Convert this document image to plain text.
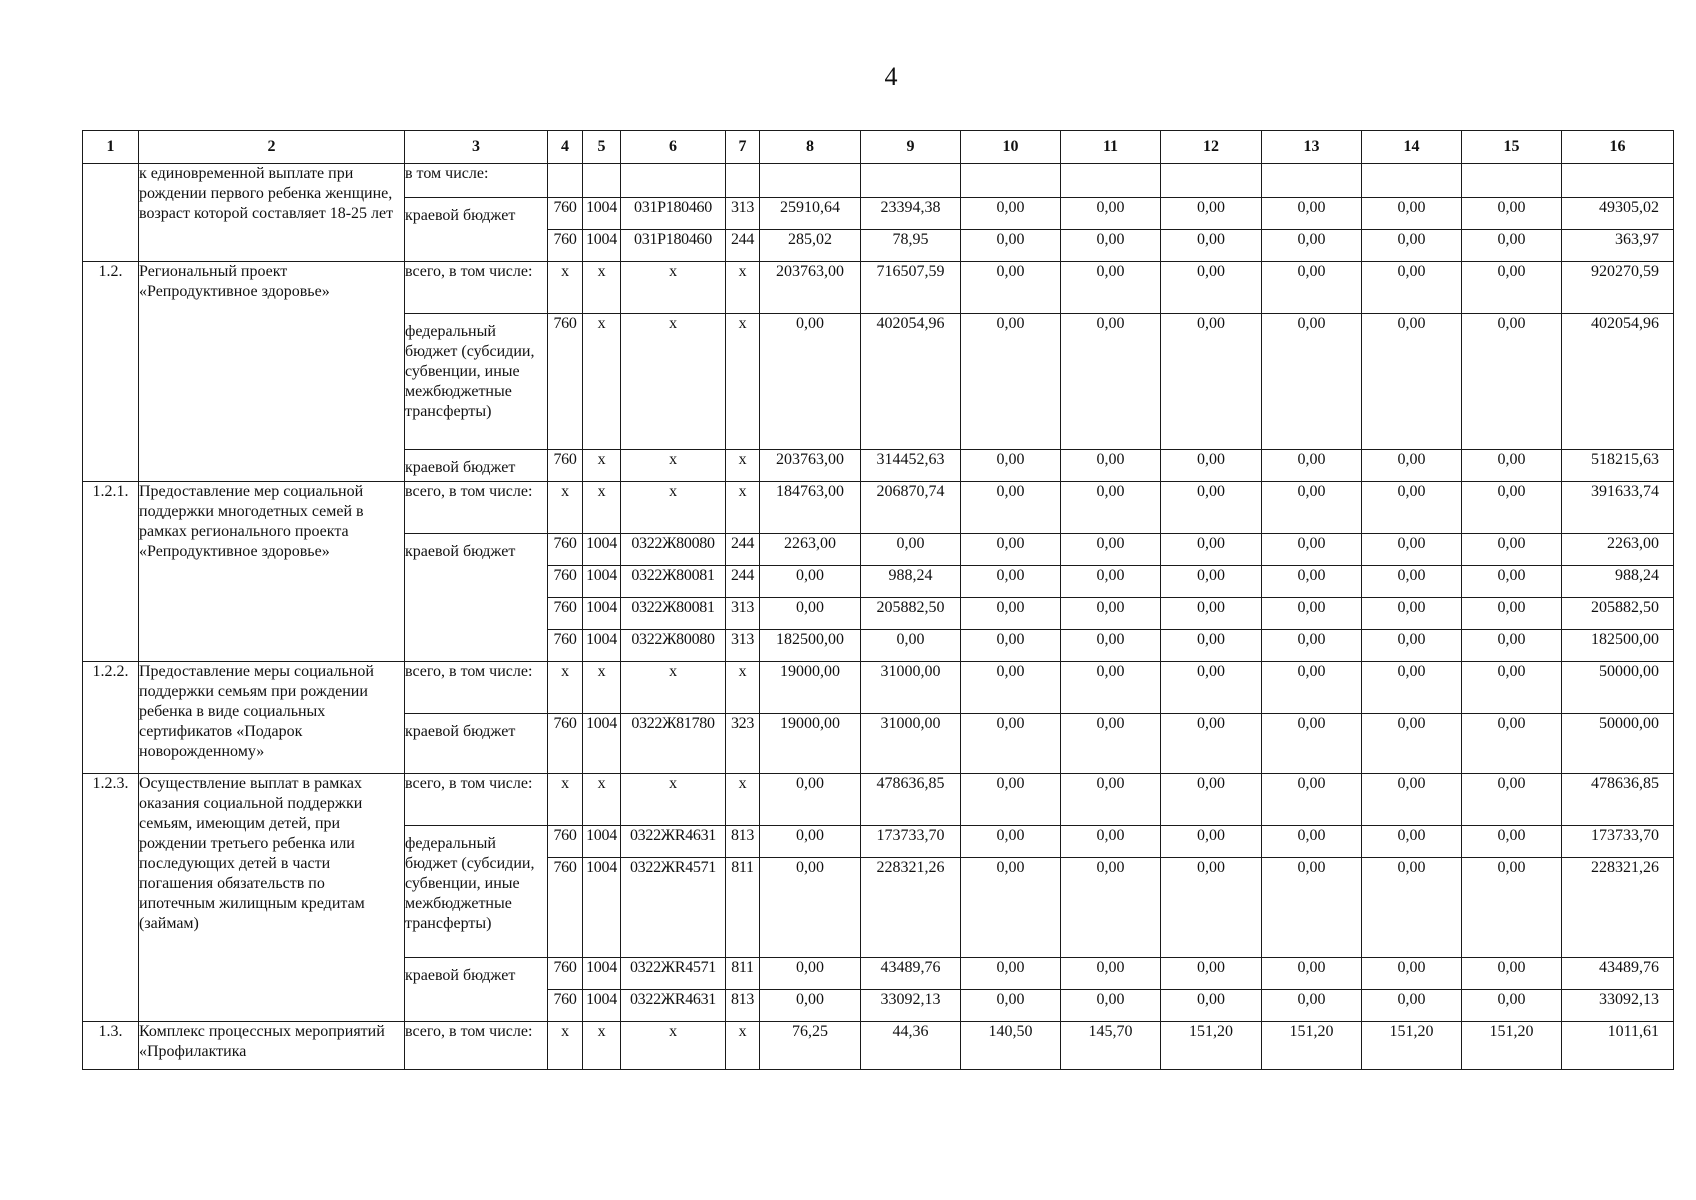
4
1	2	3	4	5	6	7	8	9	10	11	12	13	14	15	16
	к единовременной выплате при рождении первого ребенка женщине, возраст которой составляет 18-25 лет	в том числе:													
		краевой бюджет	760	1004	031P180460	313	25910,64	23394,38	0,00	0,00	0,00	0,00	0,00	0,00	49305,02
			760	1004	031P180460	244	285,02	78,95	0,00	0,00	0,00	0,00	0,00	0,00	363,97
1.2.	Региональный проект «Репродуктивное здоровье»	всего, в том числе:	x	x	x	x	203763,00	716507,59	0,00	0,00	0,00	0,00	0,00	0,00	920270,59
		федеральный бюджет (субсидии, субвенции, иные межбюджетные трансферты)	760	x	x	x	0,00	402054,96	0,00	0,00	0,00	0,00	0,00	0,00	402054,96
		краевой бюджет	760	x	x	x	203763,00	314452,63	0,00	0,00	0,00	0,00	0,00	0,00	518215,63
1.2.1.	Предоставление мер социальной поддержки многодетных семей в рамках регионального проекта «Репродуктивное здоровье»	всего, в том числе:	x	x	x	x	184763,00	206870,74	0,00	0,00	0,00	0,00	0,00	0,00	391633,74
		краевой бюджет	760	1004	0322Ж80080	244	2263,00	0,00	0,00	0,00	0,00	0,00	0,00	0,00	2263,00
			760	1004	0322Ж80081	244	0,00	988,24	0,00	0,00	0,00	0,00	0,00	0,00	988,24
			760	1004	0322Ж80081	313	0,00	205882,50	0,00	0,00	0,00	0,00	0,00	0,00	205882,50
			760	1004	0322Ж80080	313	182500,00	0,00	0,00	0,00	0,00	0,00	0,00	0,00	182500,00
1.2.2.	Предоставление меры социальной поддержки семьям при рождении ребенка в виде социальных сертификатов «Подарок новорожденному»	всего, в том числе:	x	x	x	x	19000,00	31000,00	0,00	0,00	0,00	0,00	0,00	0,00	50000,00
		краевой бюджет	760	1004	0322Ж81780	323	19000,00	31000,00	0,00	0,00	0,00	0,00	0,00	0,00	50000,00
1.2.3.	Осуществление выплат в рамках оказания социальной поддержки семьям, имеющим детей, при рождении третьего ребенка или последующих детей в части погашения обязательств по ипотечным жилищным кредитам (займам)	всего, в том числе:	x	x	x	x	0,00	478636,85	0,00	0,00	0,00	0,00	0,00	0,00	478636,85
		федеральный бюджет (субсидии, субвенции, иные межбюджетные трансферты)	760	1004	0322ЖR4631	813	0,00	173733,70	0,00	0,00	0,00	0,00	0,00	0,00	173733,70
			760	1004	0322ЖR4571	811	0,00	228321,26	0,00	0,00	0,00	0,00	0,00	0,00	228321,26
		краевой бюджет	760	1004	0322ЖR4571	811	0,00	43489,76	0,00	0,00	0,00	0,00	0,00	0,00	43489,76
			760	1004	0322ЖR4631	813	0,00	33092,13	0,00	0,00	0,00	0,00	0,00	0,00	33092,13
1.3.	Комплекс процессных мероприятий «Профилактика	всего, в том числе:	x	x	x	x	76,25	44,36	140,50	145,70	151,20	151,20	151,20	151,20	1011,61
